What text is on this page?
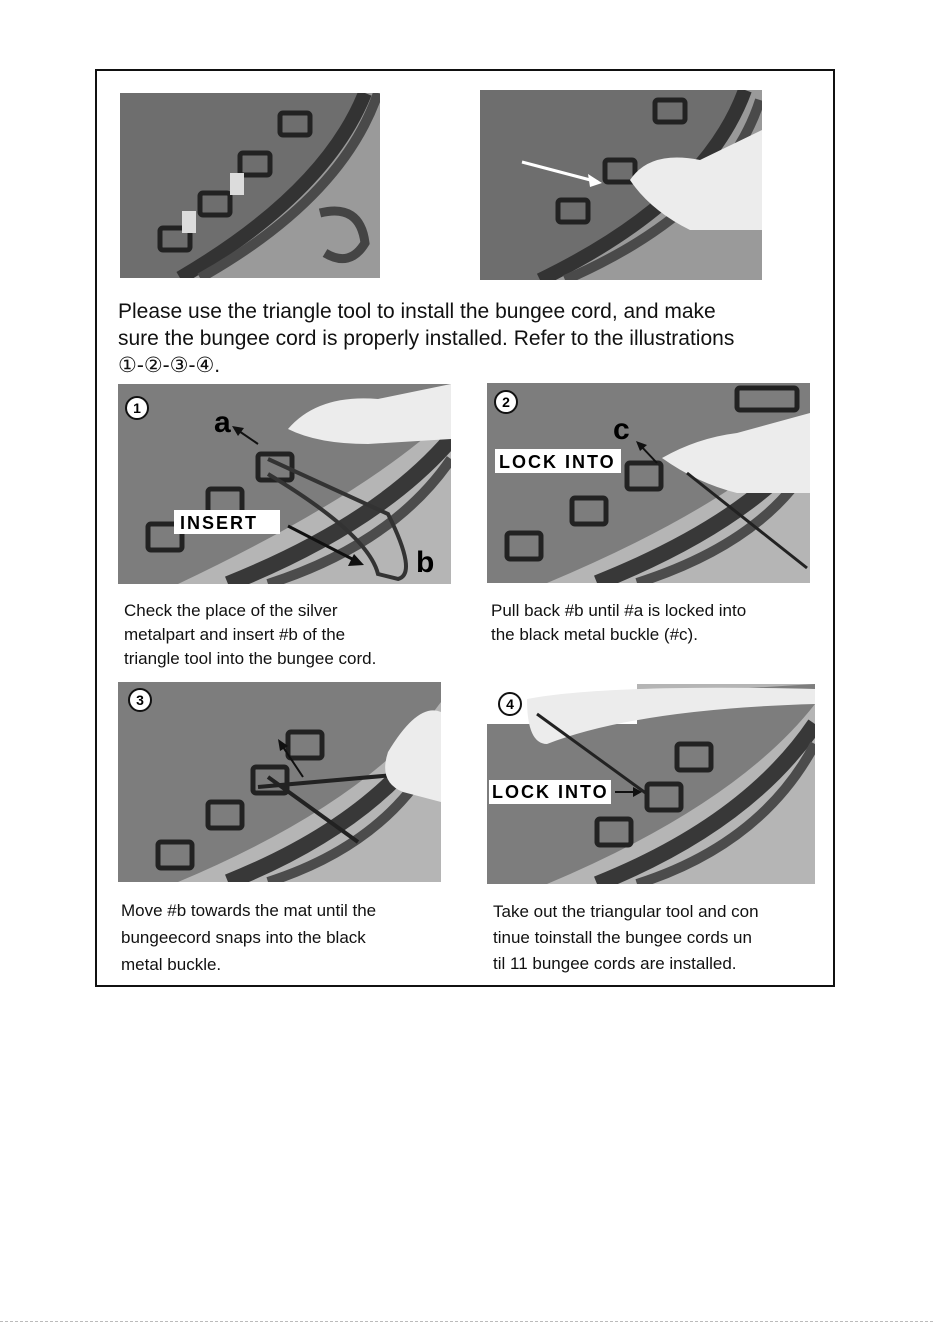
Please use the triangle tool to install the bungee cord, and make
sure the bungee cord is properly installed. Refer to the illustrations
①-②-③-④.
1
INSERT
a
b
Check the place of the silver
metalpart and insert #b of the
triangle tool into the bungee cord.
2
LOCK INTO
c
Pull back #b until #a is locked into
the black metal buckle (#c).
3
Move #b towards the mat until the
bungeecord snaps into the black
metal buckle.
4
LOCK INTO
Take out the triangular tool and con
tinue toinstall the bungee cords un
til 11 bungee cords are installed.
